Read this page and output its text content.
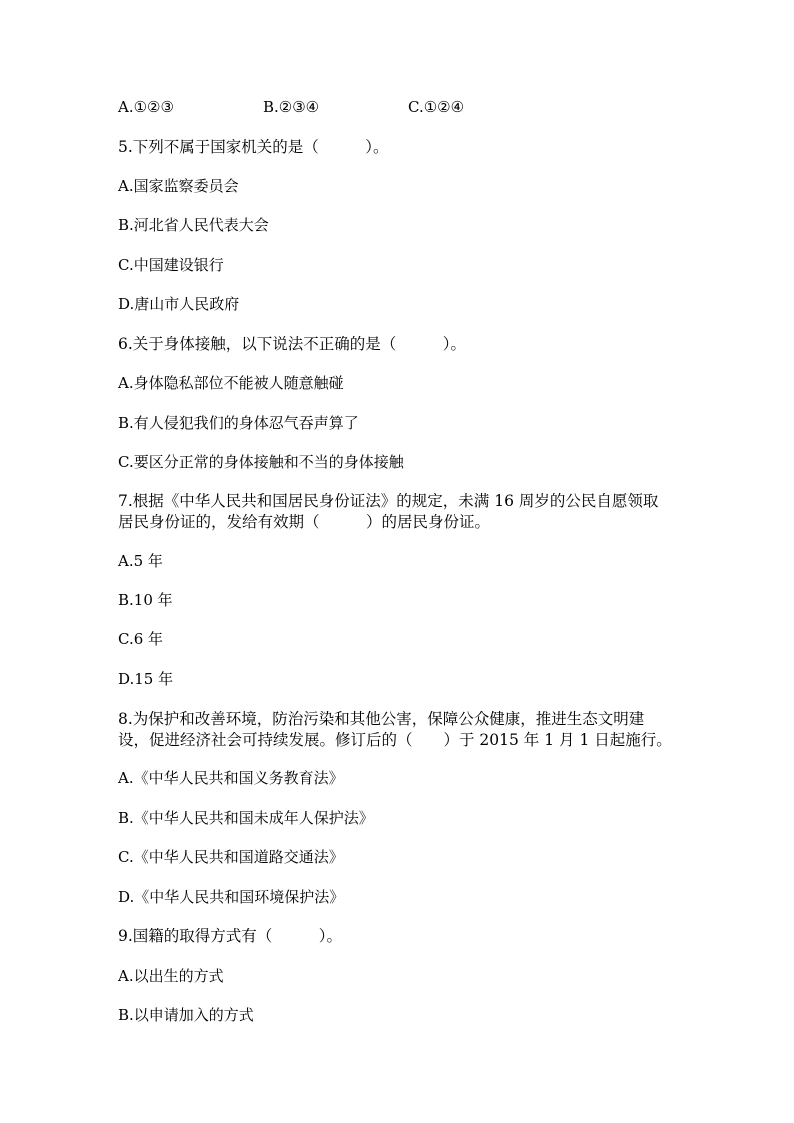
A.①②③	B.②③④	C.①②④
5.下列不属于国家机关的是（　　　）。
A.国家监察委员会
B.河北省人民代表大会
C.中国建设银行
D.唐山市人民政府
6.关于身体接触，以下说法不正确的是（　　　）。
A.身体隐私部位不能被人随意触碰
B.有人侵犯我们的身体忍气吞声算了
C.要区分正常的身体接触和不当的身体接触
7.根据《中华人民共和国居民身份证法》的规定，未满 16 周岁的公民自愿领取
居民身份证的，发给有效期（　　　）的居民身份证。
A.5 年
B.10 年
C.6 年
D.15 年
8.为保护和改善环境，防治污染和其他公害，保障公众健康，推进生态文明建
设，促进经济社会可持续发展。修订后的（　　）于 2015 年 1 月 1 日起施行。
A.《中华人民共和国义务教育法》
B.《中华人民共和国未成年人保护法》
C.《中华人民共和国道路交通法》
D.《中华人民共和国环境保护法》
9.国籍的取得方式有（　　　）。
A.以出生的方式
B.以申请加入的方式
